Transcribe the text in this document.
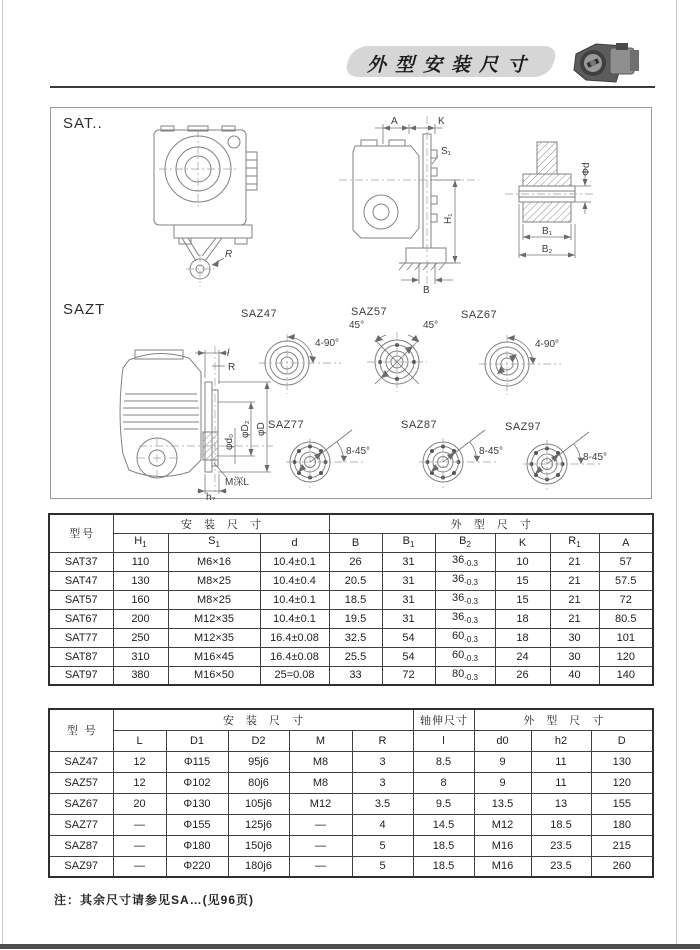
外型安装尺寸
SAT..
SAZT
R
A	K
S₁
H₁
B
B₁
B₂
Φd
l
R
φD
φD₂
φd₀
M深L
h₂
SAZ47
4-90°
SAZ57
45°	45°
SAZ67
4-90°
SAZ77
8-45°
SAZ87
8-45°
SAZ97
8-45°
型号	安装尺寸			外型尺寸					
	$H_1$	$S_1$	d	B	$B_1$	$B_2$	K	$R_1$	A
SAT37	110	M6×16	10.4±0.1	26	31	$36_{-0.3}$	10	21	57
SAT47	130	M8×25	10.4±0.4	20.5	31	$36_{-0.3}$	15	21	57.5
SAT57	160	M8×25	10.4±0.1	18.5	31	$36_{-0.3}$	15	21	72
SAT67	200	M12×35	10.4±0.1	19.5	31	$36_{-0.3}$	18	21	80.5
SAT77	250	M12×35	16.4±0.08	32.5	54	$60_{-0.3}$	18	30	101
SAT87	310	M16×45	16.4±0.08	25.5	54	$60_{-0.3}$	24	30	120
SAT97	380	M16×50	25=0.08	33	72	$80_{-0.3}$	26	40	140
型 号	安装尺寸					轴伸尺寸	外型尺寸		
	L	D1	D2	M	R	l	d0	h2	D
SAZ47	12	Φ115	95j6	M8	3	8.5	9	11	130
SAZ57	12	Φ102	80j6	M8	3	8	9	11	120
SAZ67	20	Φ130	105j6	M12	3.5	9.5	13.5	13	155
SAZ77	—	Φ155	125j6	—	4	14.5	M12	18.5	180
SAZ87	—	Φ180	150j6	—	5	18.5	M16	23.5	215
SAZ97	—	Φ220	180j6	—	5	18.5	M16	23.5	260
注：其余尺寸请参见SA…(见96页)
